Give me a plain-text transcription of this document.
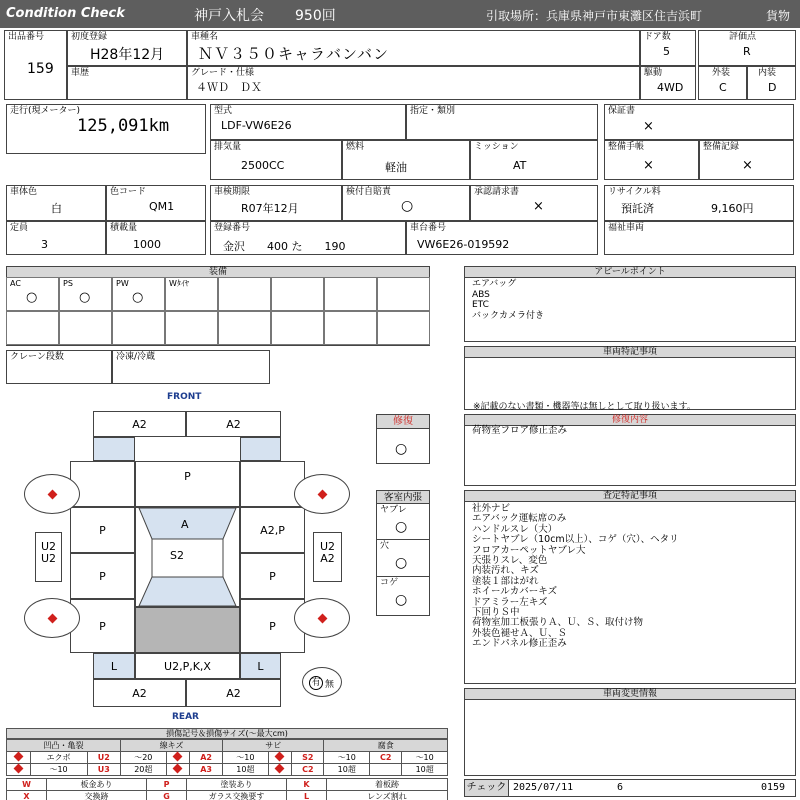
Condition Check	神戸入札会 950回	引取場所：兵庫県神戸市東灘区住吉浜町	貨物
出品番号
159
初度登録
H28年12月
車種名
ＮＶ３５０キャラバンバン
ドア数
5
評価点
R
車歴	グレード・仕様
４ＷＤ　ＤＸ
駆動
4WD
外装
C
内装
D
走行(現メーター)
125,091km
型式
LDF-VW6E26
指定・類別	保証書
×
排気量
2500CC
燃料
軽油
ミッション
AT
整備手帳
×
整備記録
×
車体色
白
色コード
QM1
車検期限
R07年12月
検付自賠責
○
承認請求書
×
リサイクル料
預託済	9,160円
定員
3
積載量
1000
登録番号
金沢　　400 た　　190
車台番号
VW6E26-019592
福祉車両
装備
AC
○
PS
○
PW
○
Wﾀｲﾔ
クレーン段数	冷凍/冷蔵
アピールポイント
エアバッグ
ABS
ETC
バックカメラ付き
車両特記事項
※記載のない書類・機器等は無しとして取り扱います。
修復内容
荷物室フロア修正歪み
査定特記事項
社外ナビ
エアバック運転席のみ
ハンドルスレ（大）
シートヤブレ（10cm以上）、コゲ（穴）、ヘタリ
フロアカーペットヤブレ大
天張りスレ、変色
内装汚れ、キズ
塗装１部はがれ
ホイールカバーキズ
ドアミラー左キズ
下回りＳ中
荷物室加工板張りＡ、Ｕ、Ｓ、取付け物
外装色褪せＡ、Ｕ、Ｓ
エンドパネル修正歪み
車両変更情報
修復
○
客室内張
ヤブレ
○
穴
○
コゲ
○
FRONT
REAR
A2	A2
P
P	A2,P
P	P
P	P
L	L
U2,P,K,X
A2	A2
U2
U2
U2
A2
A
S2
有 無
損傷記号＆損傷サイズ(〜最大cm)
凹凸・亀裂			線キズ			サビ			腐食		
	エクボ	U2	〜20		A2	〜10		S2	〜10	C2	〜10
	〜10	U3	20超		A3	10超		C2	10超		10超
W	板金あり	P	塗装あり	K	着板跡
X	交換跡	G	ガラス交換要す	L	レンズ割れ
チェック 2025/07/11	6	0159
